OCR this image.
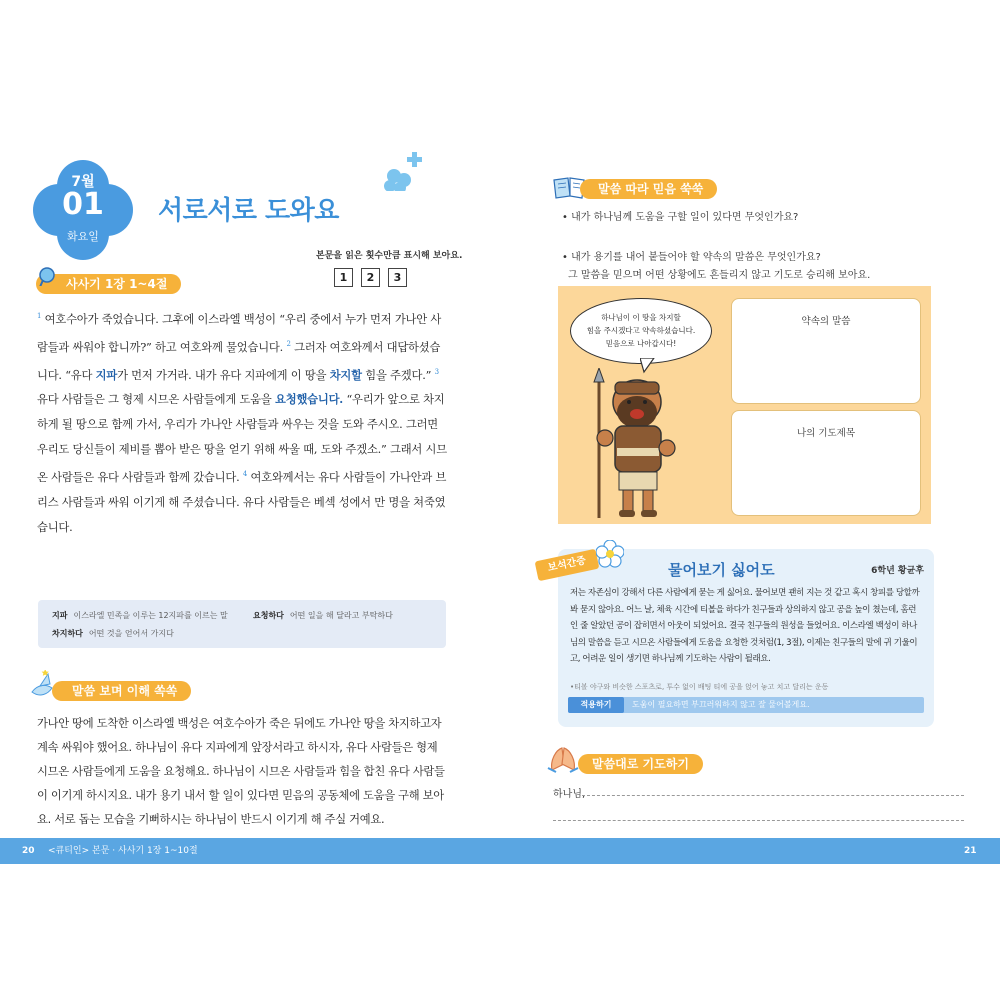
7월
01
화요일
서로서로 도와요
본문을 읽은 횟수만큼 표시해 보아요.
1	2	3
사사기 1장 1~4절
$^1$ 여호수아가 죽었습니다. 그후에 이스라엘 백성이 “우리 중에서 누가 먼저 가나안 사람들과 싸워야 합니까?” 하고 여호와께 물었습니다. $^2$ 그러자 여호와께서 대답하셨습니다. “유다 지파가 먼저 가거라. 내가 유다 지파에게 이 땅을 차지할 힘을 주겠다.” $^3$ 유다 사람들은 그 형제 시므온 사람들에게 도움을 요청했습니다. “우리가 앞으로 차지하게 될 땅으로 함께 가서, 우리가 가나안 사람들과 싸우는 것을 도와 주시오. 그러면 우리도 당신들이 제비를 뽑아 받은 땅을 얻기 위해 싸울 때, 도와 주겠소.” 그래서 시므온 사람들은 유다 사람들과 함께 갔습니다. $^4$ 여호와께서는 유다 사람들이 가나안과 브리스 사람들과 싸워 이기게 해 주셨습니다. 유다 사람들은 베섹 성에서 만 명을 쳐죽였습니다.
지파 이스라엘 민족을 이루는 12지파를 이르는 말	요청하다 어떤 일을 해 달라고 부탁하다
차지하다 어떤 것을 얻어서 가지다
말씀 보며 이해 쏙쏙
가나안 땅에 도착한 이스라엘 백성은 여호수아가 죽은 뒤에도 가나안 땅을 차지하고자 계속 싸워야 했어요. 하나님이 유다 지파에게 앞장서라고 하시자, 유다 사람들은 형제 시므온 사람들에게 도움을 요청해요. 하나님이 시므온 사람들과 힘을 합친 유다 사람들이 이기게 하시지요. 내가 용기 내서 할 일이 있다면 믿음의 공동체에 도움을 구해 보아요. 서로 돕는 모습을 기뻐하시는 하나님이 반드시 이기게 해 주실 거예요.
말씀 따라 믿음 쑥쑥
• 내가 하나님께 도움을 구할 일이 있다면 무엇인가요?
• 내가 용기를 내어 붙들어야 할 약속의 말씀은 무엇인가요?
그 말씀을 믿으며 어떤 상황에도 흔들리지 않고 기도로 승리해 보아요.
약속의 말씀
나의 기도제목
하나님이 이 땅을 차지할
힘을 주시겠다고 약속하셨습니다.
믿음으로 나아갑시다!
물어보기 싫어도	6학년 황균후
저는 자존심이 강해서 다른 사람에게 묻는 게 싫어요. 물어보면 괜히 지는 것 같고 혹시 창피를 당할까 봐 묻지 않아요. 어느 날, 체육 시간에 티볼을 하다가 친구들과 상의하지 않고 공을 높이 쳤는데, 홈런인 줄 알았던 공이 잡히면서 아웃이 되었어요. 결국 친구들의 원성을 들었어요. 이스라엘 백성이 하나님의 말씀을 듣고 시므온 사람들에게 도움을 요청한 것처럼(1, 3절), 이제는 친구들의 말에 귀 기울이고, 어려운 일이 생기면 하나님께 기도하는 사람이 될래요.
•티볼 야구와 비슷한 스포츠로, 투수 없이 배팅 티에 공을 얹어 놓고 치고 달리는 운동
적용하기	도움이 필요하면 부끄러워하지 않고 잘 물어볼게요.
보석간증
말씀대로 기도하기
하나님,
20 <큐티인> 본문 · 사사기 1장 1~10절	21
